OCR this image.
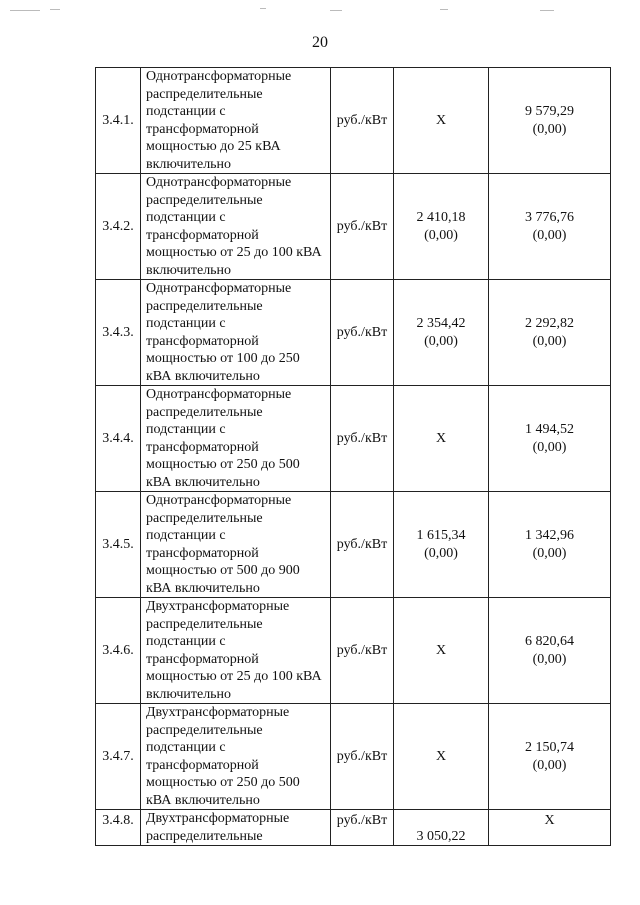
20
3.4.1.	Однотрансформаторные распределительные подстанции с трансформаторной мощностью до 25 кВА включительно	руб./кВт	Х	9 579,29
(0,00)

3.4.2.	Однотрансформаторные распределительные подстанции с трансформаторной мощностью от 25 до 100 кВА включительно	руб./кВт	2 410,18
(0,00)	3 776,76
(0,00)

3.4.3.	Однотрансформаторные распределительные подстанции с трансформаторной мощностью от 100 до 250 кВА включительно	руб./кВт	2 354,42
(0,00)	2 292,82
(0,00)

3.4.4.	Однотрансформаторные распределительные подстанции с трансформаторной мощностью от 250 до 500 кВА включительно	руб./кВт	Х	1 494,52
(0,00)

3.4.5.	Однотрансформаторные распределительные подстанции с трансформаторной мощностью от 500 до 900 кВА включительно	руб./кВт	1 615,34
(0,00)	1 342,96
(0,00)

3.4.6.	Двухтрансформаторные распределительные подстанции с трансформаторной мощностью от 25 до 100 кВА включительно	руб./кВт	Х	6 820,64
(0,00)

3.4.7.	Двухтрансформаторные распределительные подстанции с трансформаторной мощностью от 250 до 500 кВА включительно	руб./кВт	Х	2 150,74
(0,00)

3.4.8.	Двухтрансформаторные распределительные	руб./кВт	3 050,22	Х
